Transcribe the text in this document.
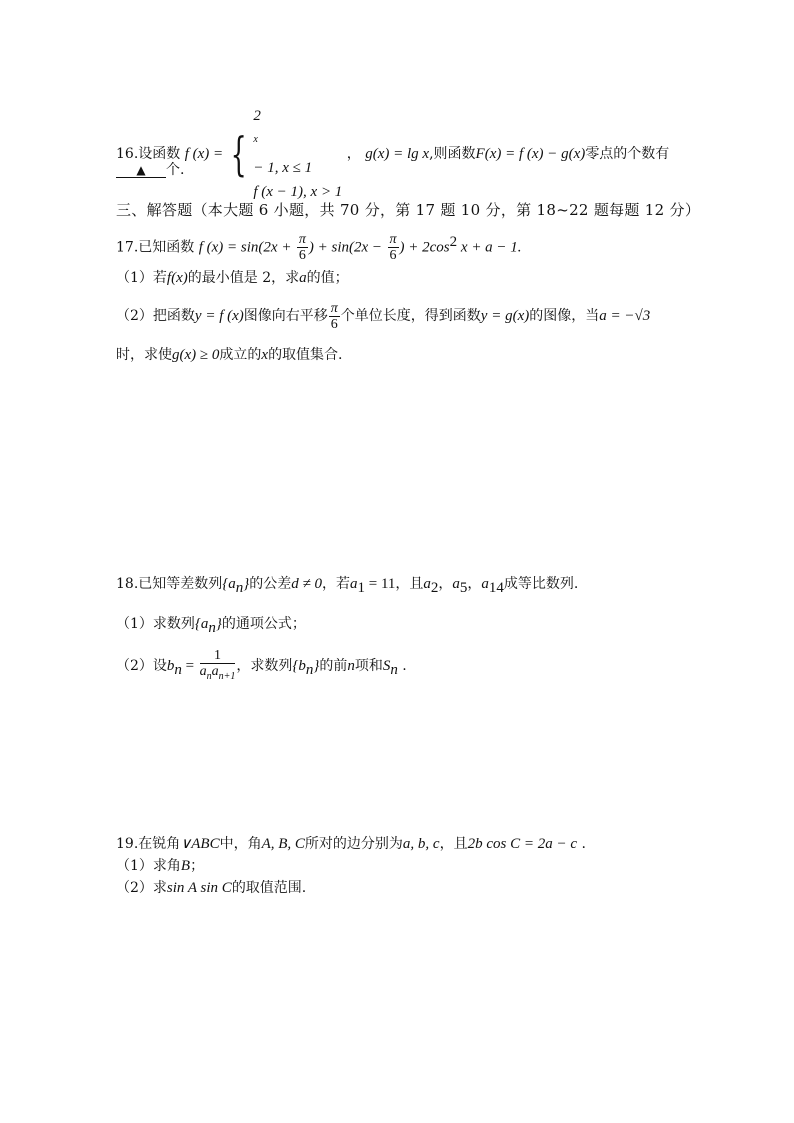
16.设函数 f (x) = {
2
$^x$
− 1, x ≤ 1
f (x − 1), x > 1
， g(x) = lg x,则函数F(x) = f (x) − g(x)零点的个数有
▲ 个.
三、解答题（本大题 6 小题，共 70 分，第 17 题 10 分，第 18~22 题每题 12 分）
17.已知函数 f $(x) = \sin(2x + \frac{\pi}{6}$ ) + $\sin(2x - \frac{\pi}{6}$ ) + $2\cos^2$ x + a − 1.
（1）若f(x)的最小值是 2，求a的值；
（2）把函数y = f (x)图像向右平移 $\frac{\pi}{6}$ 个单位长度，得到函数y = g(x)的图像，当a = −√3
时，求使g(x) ≥ 0成立的x的取值集合.
18.已知等差数列$\{a_n\}$的公差d ≠ 0，若$a_1 = 11$，且$a_2$，$a_5$，$a_{14}$成等比数列.
（1）求数列$\{a_n\}$的通项公式；
（2）设$b_n = \frac{1}{a_na_{n+1}}$ ，求数列$\{b_n\}$的前n项和$S_n$ .
19.在锐角∨ABC中，角A, B, C所对的边分别为a, b, c，且2b cos C = 2a − c .
（1）求角B；
（2）求sin A sin C的取值范围.
